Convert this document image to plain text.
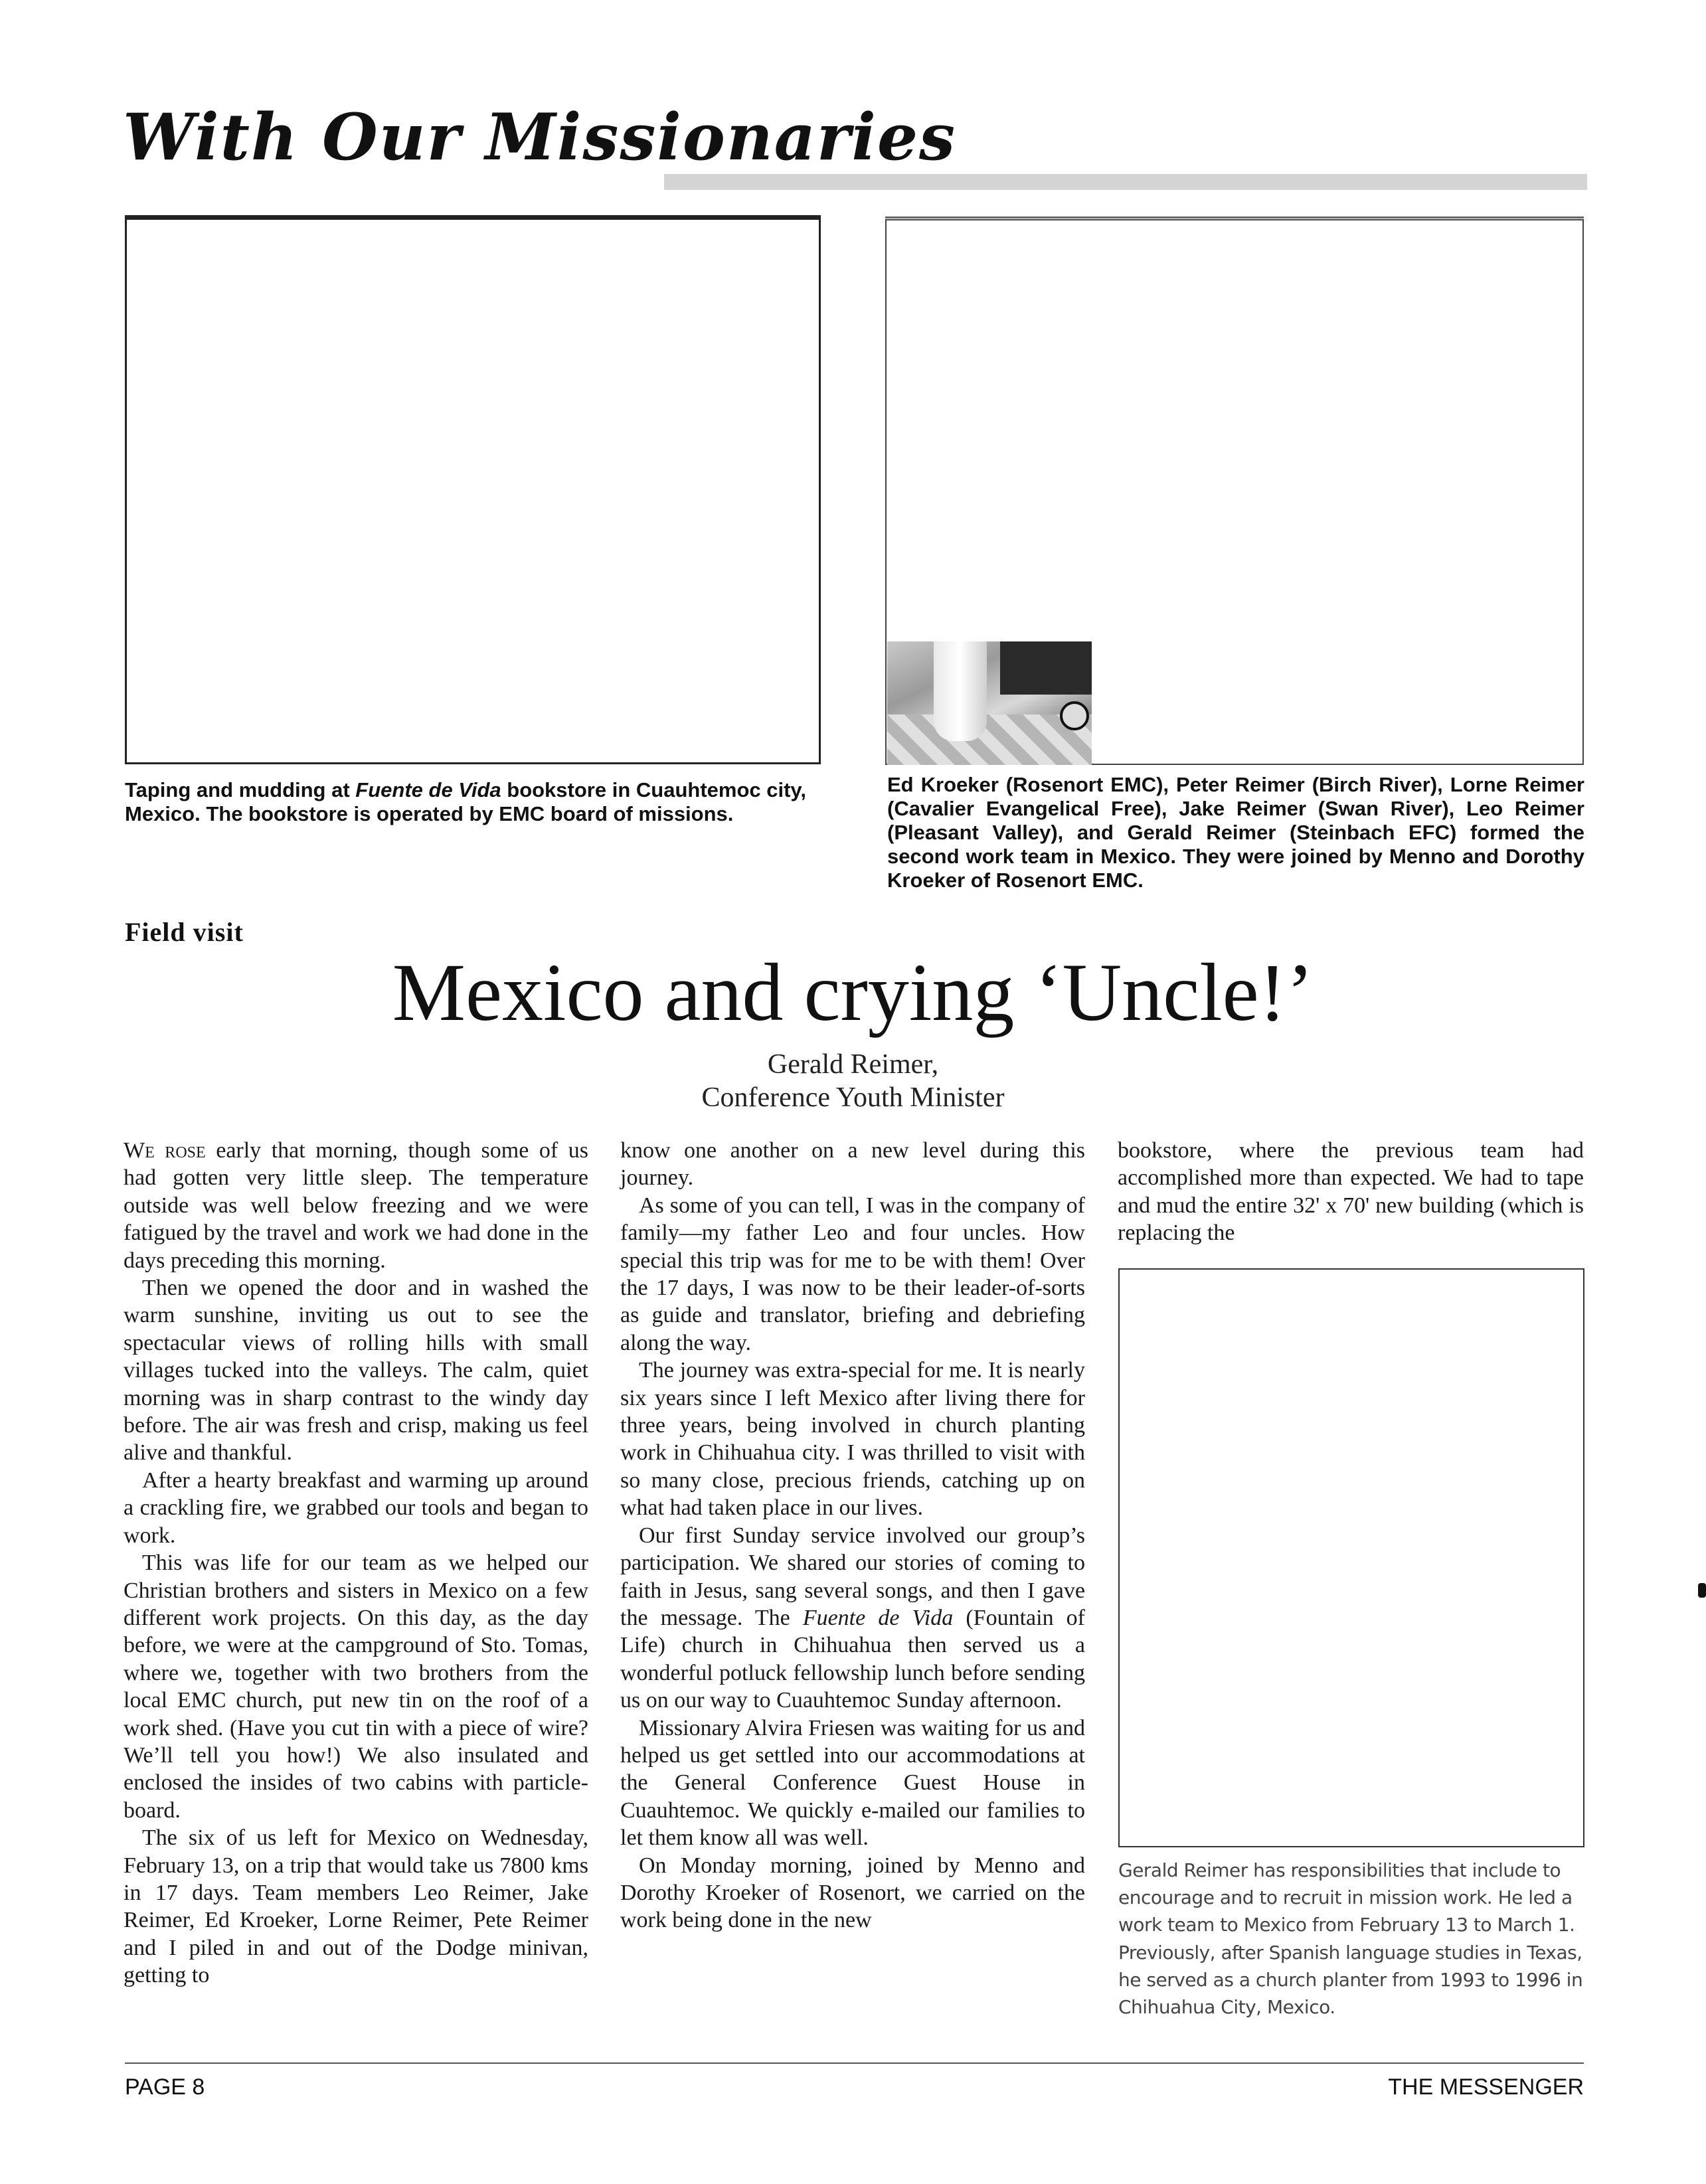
With Our Missionaries
Taping and mudding at Fuente de Vida bookstore in Cuauhtemoc city, Mexico. The bookstore is operated by EMC board of missions.
Ed Kroeker (Rosenort EMC), Peter Reimer (Birch River), Lorne Reimer (Cavalier Evangelical Free), Jake Reimer (Swan River), Leo Reimer (Pleasant Valley), and Gerald Reimer (Steinbach EFC) formed the second work team in Mexico. They were joined by Menno and Dorothy Kroeker of Rosenort EMC.
Field visit
Mexico and crying ‘Uncle!’
Gerald Reimer,
Conference Youth Minister

We rose early that morning, though some of us had gotten very little sleep. The temperature outside was well below freezing and we were fatigued by the travel and work we had done in the days preceding this morning.

Then we opened the door and in washed the warm sunshine, inviting us out to see the spectacular views of rolling hills with small villages tucked into the valleys. The calm, quiet morning was in sharp contrast to the windy day before. The air was fresh and crisp, making us feel alive and thankful.

After a hearty breakfast and warming up around a crackling fire, we grabbed our tools and began to work.

This was life for our team as we helped our Christian brothers and sisters in Mexico on a few different work projects. On this day, as the day before, we were at the campground of Sto. Tomas, where we, together with two brothers from the local EMC church, put new tin on the roof of a work shed. (Have you cut tin with a piece of wire? We’ll tell you how!) We also insulated and enclosed the insides of two cabins with particle-board.

The six of us left for Mexico on Wednesday, February 13, on a trip that would take us 7800 kms in 17 days. Team members Leo Reimer, Jake Reimer, Ed Kroeker, Lorne Reimer, Pete Reimer and I piled in and out of the Dodge minivan, getting to

know one another on a new level during this journey.

As some of you can tell, I was in the company of family—my father Leo and four uncles. How special this trip was for me to be with them! Over the 17 days, I was now to be their leader-of-sorts as guide and translator, briefing and debriefing along the way.

The journey was extra-special for me. It is nearly six years since I left Mexico after living there for three years, being involved in church planting work in Chihuahua city. I was thrilled to visit with so many close, precious friends, catching up on what had taken place in our lives.

Our first Sunday service involved our group’s participation. We shared our stories of coming to faith in Jesus, sang several songs, and then I gave the message. The Fuente de Vida (Fountain of Life) church in Chihuahua then served us a wonderful potluck fellowship lunch before sending us on our way to Cuauhtemoc Sunday afternoon.

Missionary Alvira Friesen was waiting for us and helped us get settled into our accommodations at the General Conference Guest House in Cuauhtemoc. We quickly e-mailed our families to let them know all was well.

On Monday morning, joined by Menno and Dorothy Kroeker of Rosenort, we carried on the work being done in the new

bookstore, where the previous team had accomplished more than expected. We had to tape and mud the entire 32' x 70' new building (which is replacing the

Gerald Reimer has responsibilities that include to encourage and to recruit in mission work. He led a work team to Mexico from February 13 to March 1. Previously, after Spanish language studies in Texas, he served as a church planter from 1993 to 1996 in Chihuahua City, Mexico.
PAGE 8	THE MESSENGER
